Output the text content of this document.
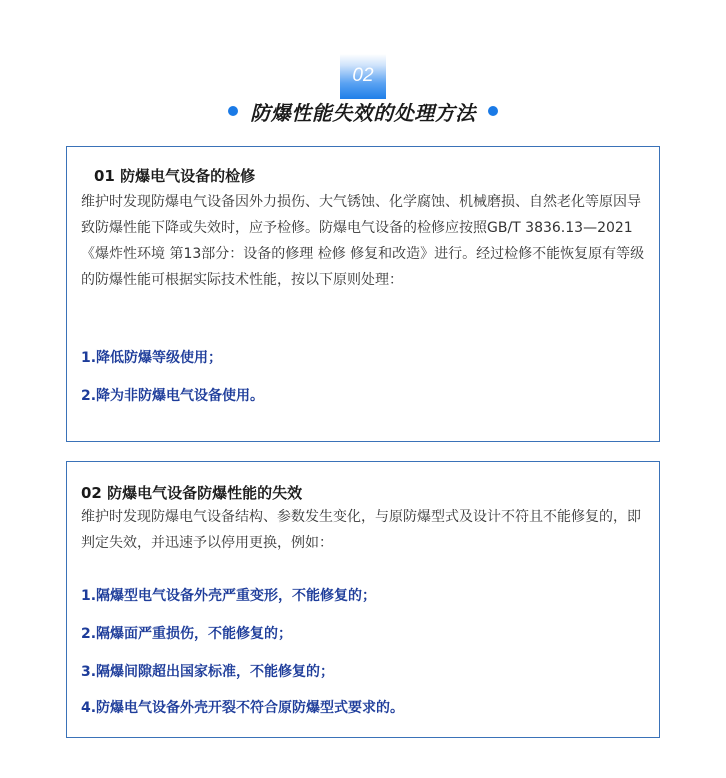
02
防爆性能失效的处理方法
01 防爆电气设备的检修
维护时发现防爆电气设备因外力损伤、大气锈蚀、化学腐蚀、机械磨损、自然老化等原因导致防爆性能下降或失效时，应予检修。防爆电气设备的检修应按照GB/T 3836.13—2021《爆炸性环境 第13部分：设备的修理 检修 修复和改造》进行。经过检修不能恢复原有等级的防爆性能可根据实际技术性能，按以下原则处理：
1.降低防爆等级使用；
2.降为非防爆电气设备使用。
02 防爆电气设备防爆性能的失效
维护时发现防爆电气设备结构、参数发生变化，与原防爆型式及设计不符且不能修复的，即判定失效，并迅速予以停用更换，例如：
1.隔爆型电气设备外壳严重变形，不能修复的；
2.隔爆面严重损伤，不能修复的；
3.隔爆间隙超出国家标准，不能修复的；
4.防爆电气设备外壳开裂不符合原防爆型式要求的。
